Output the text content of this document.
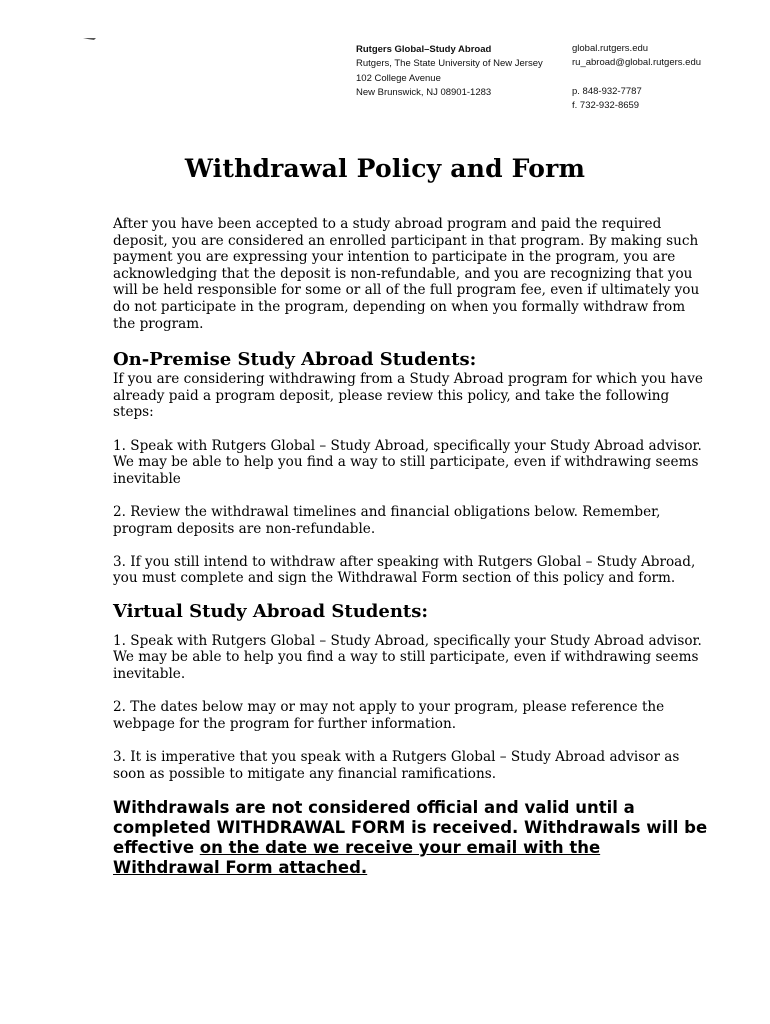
Rutgers Global–Study Abroad
Rutgers, The State University of New Jersey
102 College Avenue
New Brunswick, NJ 08901-1283
global.rutgers.edu
ru_abroad@global.rutgers.edu
p. 848-932-7787
f. 732-932-8659
Withdrawal Policy and Form

After you have been accepted to a study abroad program and paid the required deposit, you are considered an enrolled participant in that program. By making such payment you are expressing your intention to participate in the program, you are acknowledging that the deposit is non-refundable, and you are recognizing that you will be held responsible for some or all of the full program fee, even if ultimately you do not participate in the program, depending on when you formally withdraw from the program.

On-Premise Study Abroad Students:

If you are considering withdrawing from a Study Abroad program for which you have already paid a program deposit, please review this policy, and take the following steps:

1. Speak with Rutgers Global – Study Abroad, specifically your Study Abroad advisor. We may be able to help you find a way to still participate, even if withdrawing seems inevitable

2. Review the withdrawal timelines and financial obligations below. Remember, program deposits are non-refundable.

3. If you still intend to withdraw after speaking with Rutgers Global – Study Abroad, you must complete and sign the Withdrawal Form section of this policy and form.

Virtual Study Abroad Students:

1. Speak with Rutgers Global – Study Abroad, specifically your Study Abroad advisor. We may be able to help you find a way to still participate, even if withdrawing seems inevitable.

2. The dates below may or may not apply to your program, please reference the webpage for the program for further information.

3. It is imperative that you speak with a Rutgers Global – Study Abroad advisor as soon as possible to mitigate any financial ramifications.

Withdrawals are not considered official and valid until a completed WITHDRAWAL FORM is received. Withdrawals will be effective on the date we receive your email with the Withdrawal Form attached.
